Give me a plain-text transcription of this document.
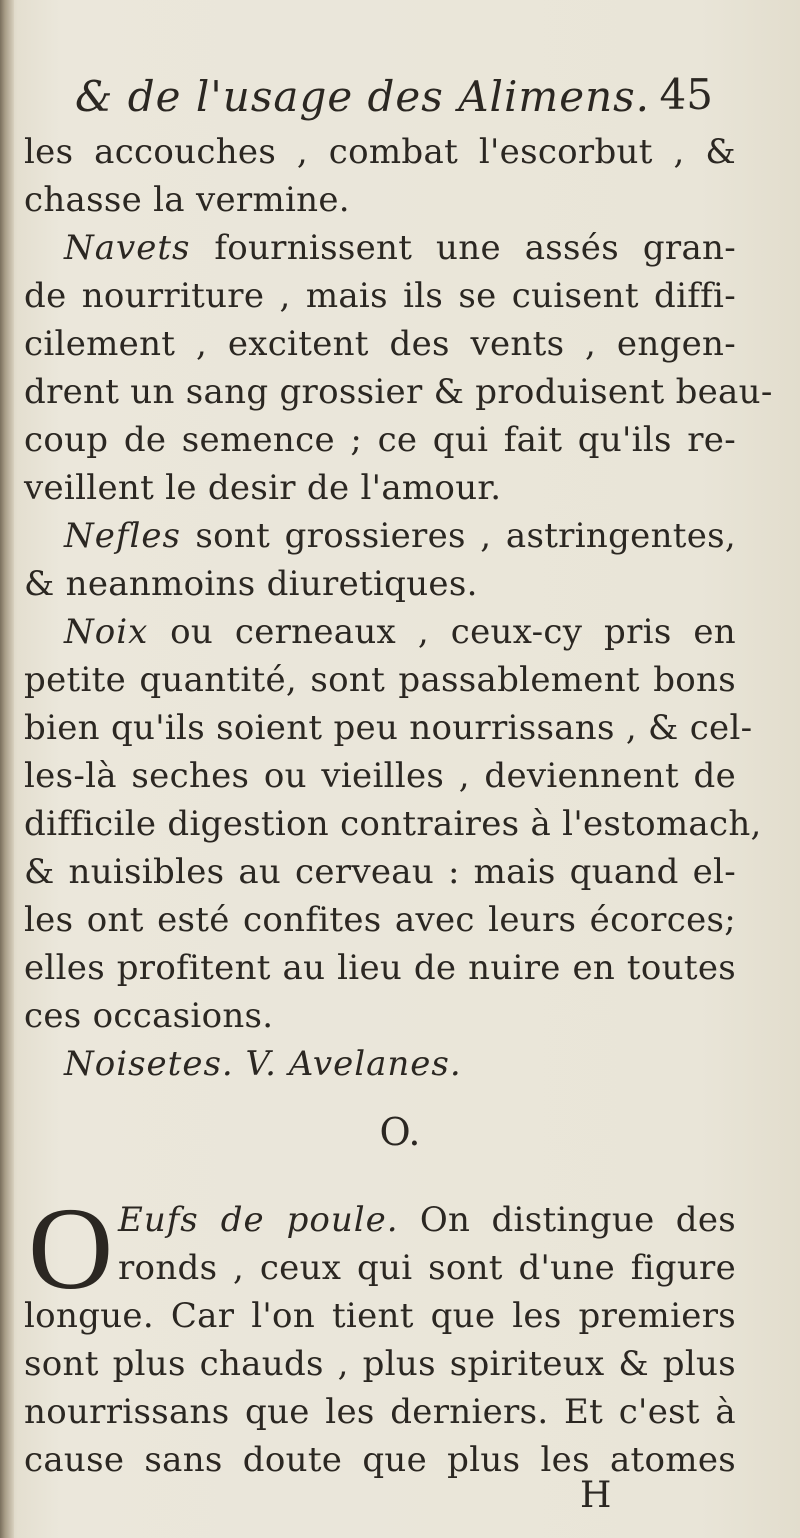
& de l'usage des Alimens. 45
les accouches , combat l'escorbut , &
chasse la vermine.
Navets fournissent une assés gran-
de nourriture , mais ils se cuisent diffi-
cilement , excitent des vents , engen-
drent un sang grossier & produisent beau-
coup de semence ; ce qui fait qu'ils re-
veillent le desir de l'amour.
Nefles sont grossieres , astringentes,
& neanmoins diuretiques.
Noix ou cerneaux , ceux-cy pris en
petite quantité, sont passablement bons
bien qu'ils soient peu nourrissans , & cel-
les-là seches ou vieilles , deviennent de
difficile digestion contraires à l'estomach,
& nuisibles au cerveau : mais quand el-
les ont esté confites avec leurs écorces;
elles profitent au lieu de nuire en toutes
ces occasions.
Noisetes. V. Avelanes.
O.
O Eufs de poule. On distingue des
ronds , ceux qui sont d'une figure
longue. Car l'on tient que les premiers
sont plus chauds , plus spiriteux & plus
nourrissans que les derniers. Et c'est à
cause sans doute que plus les atomes
H
